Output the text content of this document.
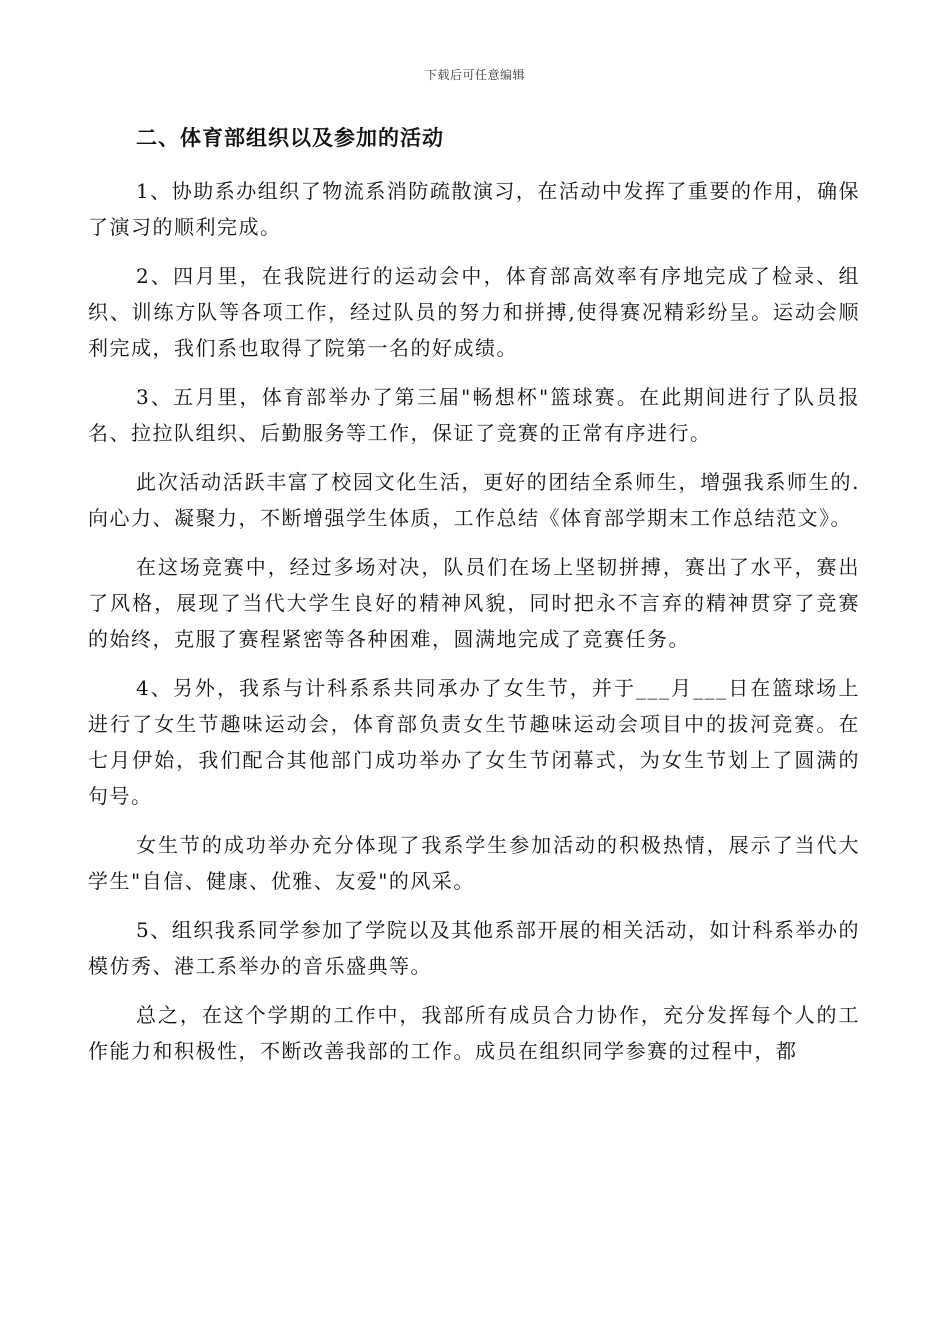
下载后可任意编辑
二、体育部组织以及参加的活动

1、协助系办组织了物流系消防疏散演习，在活动中发挥了重要的作用，确保了演习的顺利完成。

2、四月里，在我院进行的运动会中，体育部高效率有序地完成了检录、组织、训练方队等各项工作，经过队员的努力和拼搏,使得赛况精彩纷呈。运动会顺利完成，我们系也取得了院第一名的好成绩。

3、五月里，体育部举办了第三届"畅想杯"篮球赛。在此期间进行了队员报名、拉拉队组织、后勤服务等工作，保证了竞赛的正常有序进行。

此次活动活跃丰富了校园文化生活，更好的团结全系师生，增强我系师生的.向心力、凝聚力，不断增强学生体质，工作总结《体育部学期末工作总结范文》。

在这场竞赛中，经过多场对决，队员们在场上坚韧拼搏，赛出了水平，赛出了风格，展现了当代大学生良好的精神风貌，同时把永不言弃的精神贯穿了竞赛的始终，克服了赛程紧密等各种困难，圆满地完成了竞赛任务。

4、另外，我系与计科系系共同承办了女生节，并于___月___日在篮球场上进行了女生节趣味运动会，体育部负责女生节趣味运动会项目中的拔河竞赛。在七月伊始，我们配合其他部门成功举办了女生节闭幕式，为女生节划上了圆满的句号。

女生节的成功举办充分体现了我系学生参加活动的积极热情，展示了当代大学生"自信、健康、优雅、友爱"的风采。

5、组织我系同学参加了学院以及其他系部开展的相关活动，如计科系举办的模仿秀、港工系举办的音乐盛典等。

总之，在这个学期的工作中，我部所有成员合力协作，充分发挥每个人的工作能力和积极性，不断改善我部的工作。成员在组织同学参赛的过程中，都
